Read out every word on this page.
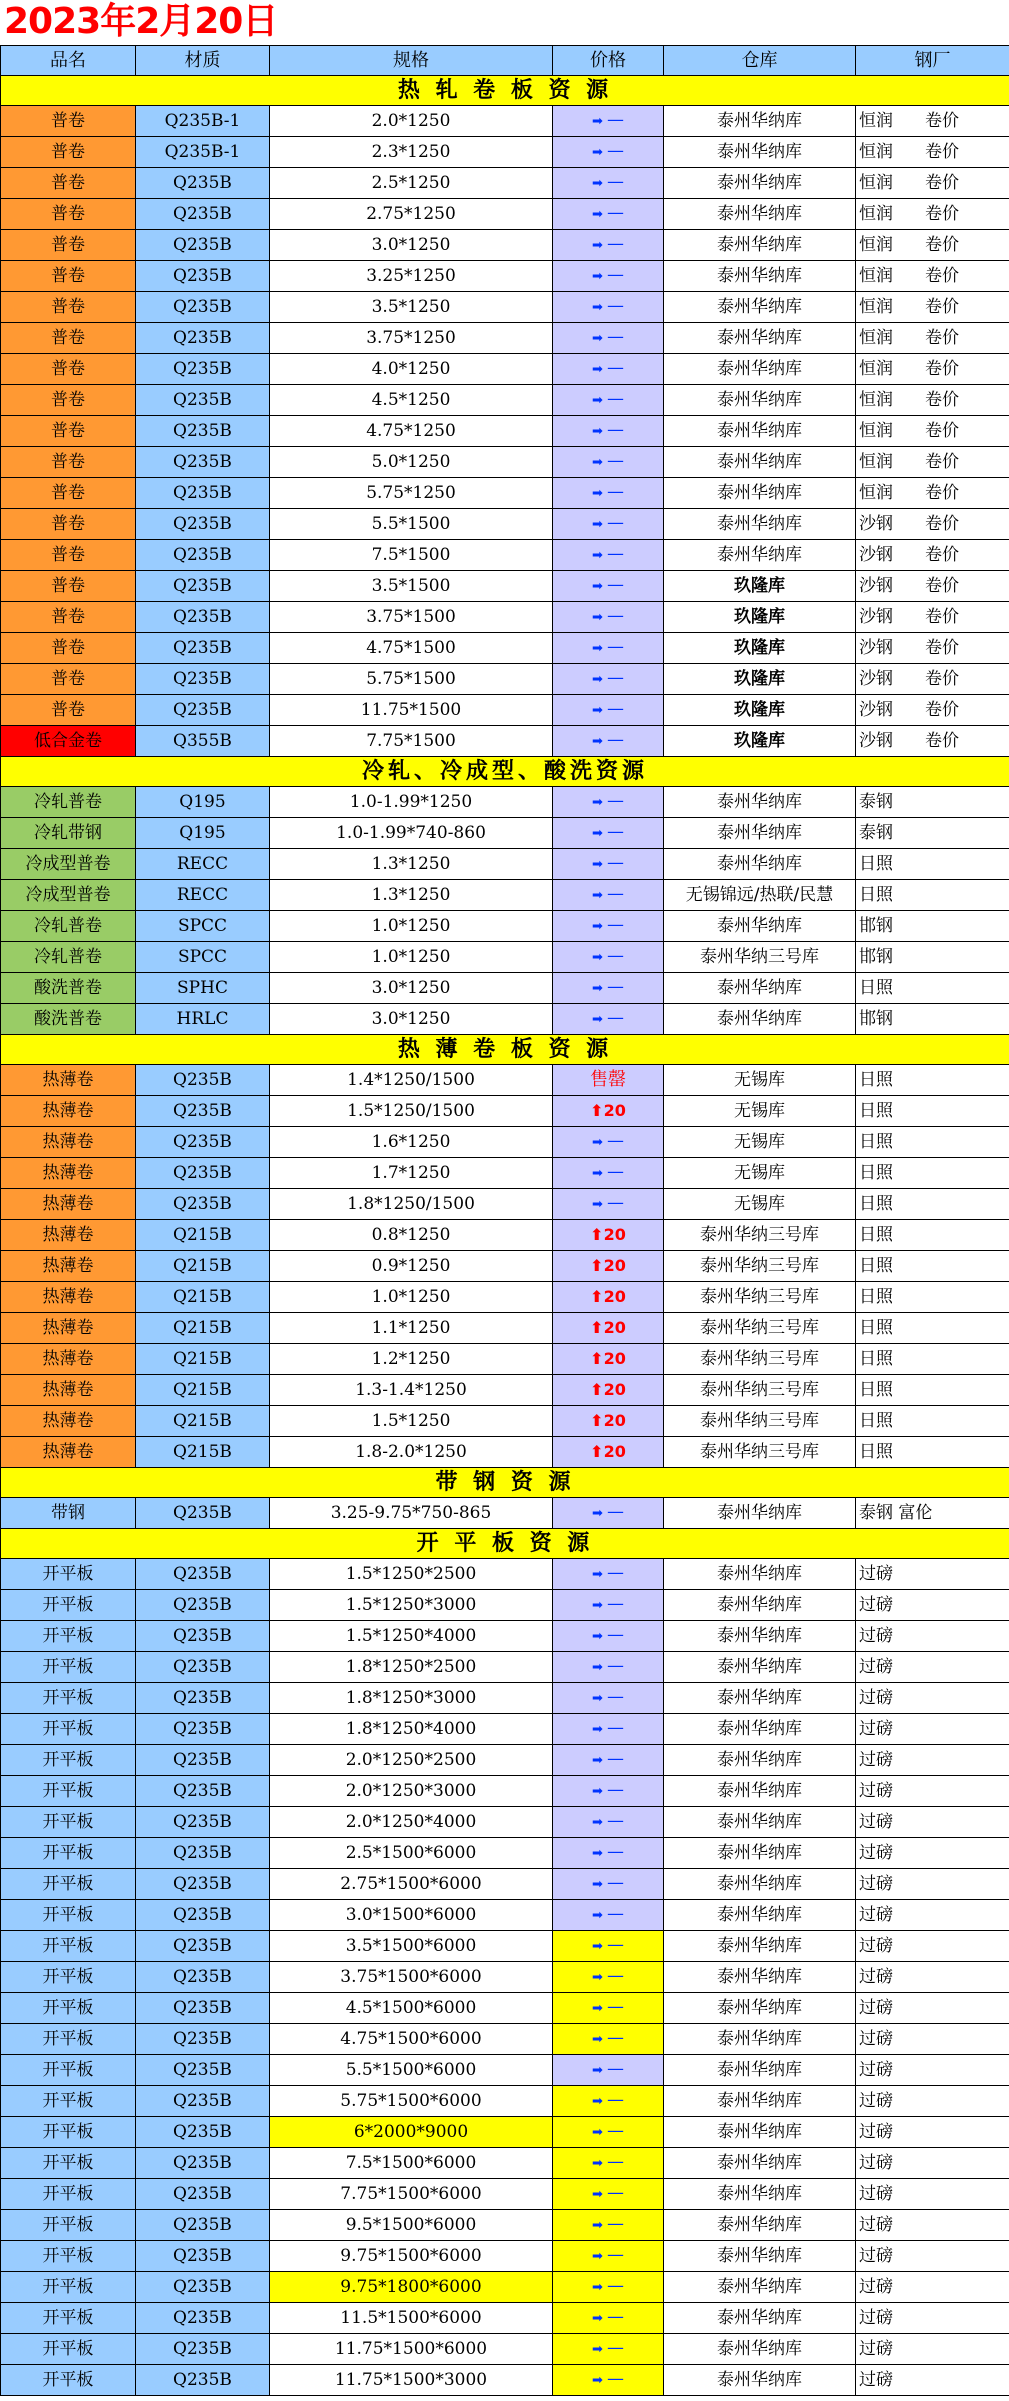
2023年2月20日
品名	材质	规格	价格	仓库	钢厂
热 轧 卷 板 资 源					
普卷	Q235B-1	2.0*1250	➡ —	泰州华纳库	恒润 卷价
普卷	Q235B-1	2.3*1250	➡ —	泰州华纳库	恒润 卷价
普卷	Q235B	2.5*1250	➡ —	泰州华纳库	恒润 卷价
普卷	Q235B	2.75*1250	➡ —	泰州华纳库	恒润 卷价
普卷	Q235B	3.0*1250	➡ —	泰州华纳库	恒润 卷价
普卷	Q235B	3.25*1250	➡ —	泰州华纳库	恒润 卷价
普卷	Q235B	3.5*1250	➡ —	泰州华纳库	恒润 卷价
普卷	Q235B	3.75*1250	➡ —	泰州华纳库	恒润 卷价
普卷	Q235B	4.0*1250	➡ —	泰州华纳库	恒润 卷价
普卷	Q235B	4.5*1250	➡ —	泰州华纳库	恒润 卷价
普卷	Q235B	4.75*1250	➡ —	泰州华纳库	恒润 卷价
普卷	Q235B	5.0*1250	➡ —	泰州华纳库	恒润 卷价
普卷	Q235B	5.75*1250	➡ —	泰州华纳库	恒润 卷价
普卷	Q235B	5.5*1500	➡ —	泰州华纳库	沙钢 卷价
普卷	Q235B	7.5*1500	➡ —	泰州华纳库	沙钢 卷价
普卷	Q235B	3.5*1500	➡ —	玖隆库	沙钢 卷价
普卷	Q235B	3.75*1500	➡ —	玖隆库	沙钢 卷价
普卷	Q235B	4.75*1500	➡ —	玖隆库	沙钢 卷价
普卷	Q235B	5.75*1500	➡ —	玖隆库	沙钢 卷价
普卷	Q235B	11.75*1500	➡ —	玖隆库	沙钢 卷价
低合金卷	Q355B	7.75*1500	➡ —	玖隆库	沙钢 卷价
冷轧、冷成型、酸洗资源					
冷轧普卷	Q195	1.0-1.99*1250	➡ —	泰州华纳库	泰钢
冷轧带钢	Q195	1.0-1.99*740-860	➡ —	泰州华纳库	泰钢
冷成型普卷	RECC	1.3*1250	➡ —	泰州华纳库	日照
冷成型普卷	RECC	1.3*1250	➡ —	无锡锦远/热联/民慧	日照
冷轧普卷	SPCC	1.0*1250	➡ —	泰州华纳库	邯钢
冷轧普卷	SPCC	1.0*1250	➡ —	泰州华纳三号库	邯钢
酸洗普卷	SPHC	3.0*1250	➡ —	泰州华纳库	日照
酸洗普卷	HRLC	3.0*1250	➡ —	泰州华纳库	邯钢
热 薄 卷 板 资 源					
热薄卷	Q235B	1.4*1250/1500	售罄	无锡库	日照
热薄卷	Q235B	1.5*1250/1500	⬆20	无锡库	日照
热薄卷	Q235B	1.6*1250	➡ —	无锡库	日照
热薄卷	Q235B	1.7*1250	➡ —	无锡库	日照
热薄卷	Q235B	1.8*1250/1500	➡ —	无锡库	日照
热薄卷	Q215B	0.8*1250	⬆20	泰州华纳三号库	日照
热薄卷	Q215B	0.9*1250	⬆20	泰州华纳三号库	日照
热薄卷	Q215B	1.0*1250	⬆20	泰州华纳三号库	日照
热薄卷	Q215B	1.1*1250	⬆20	泰州华纳三号库	日照
热薄卷	Q215B	1.2*1250	⬆20	泰州华纳三号库	日照
热薄卷	Q215B	1.3-1.4*1250	⬆20	泰州华纳三号库	日照
热薄卷	Q215B	1.5*1250	⬆20	泰州华纳三号库	日照
热薄卷	Q215B	1.8-2.0*1250	⬆20	泰州华纳三号库	日照
带 钢 资 源					
带钢	Q235B	3.25-9.75*750-865	➡ —	泰州华纳库	泰钢 富伦
开 平 板 资 源					
开平板	Q235B	1.5*1250*2500	➡ —	泰州华纳库	过磅
开平板	Q235B	1.5*1250*3000	➡ —	泰州华纳库	过磅
开平板	Q235B	1.5*1250*4000	➡ —	泰州华纳库	过磅
开平板	Q235B	1.8*1250*2500	➡ —	泰州华纳库	过磅
开平板	Q235B	1.8*1250*3000	➡ —	泰州华纳库	过磅
开平板	Q235B	1.8*1250*4000	➡ —	泰州华纳库	过磅
开平板	Q235B	2.0*1250*2500	➡ —	泰州华纳库	过磅
开平板	Q235B	2.0*1250*3000	➡ —	泰州华纳库	过磅
开平板	Q235B	2.0*1250*4000	➡ —	泰州华纳库	过磅
开平板	Q235B	2.5*1500*6000	➡ —	泰州华纳库	过磅
开平板	Q235B	2.75*1500*6000	➡ —	泰州华纳库	过磅
开平板	Q235B	3.0*1500*6000	➡ —	泰州华纳库	过磅
开平板	Q235B	3.5*1500*6000	➡ —	泰州华纳库	过磅
开平板	Q235B	3.75*1500*6000	➡ —	泰州华纳库	过磅
开平板	Q235B	4.5*1500*6000	➡ —	泰州华纳库	过磅
开平板	Q235B	4.75*1500*6000	➡ —	泰州华纳库	过磅
开平板	Q235B	5.5*1500*6000	➡ —	泰州华纳库	过磅
开平板	Q235B	5.75*1500*6000	➡ —	泰州华纳库	过磅
开平板	Q235B	6*2000*9000	➡ —	泰州华纳库	过磅
开平板	Q235B	7.5*1500*6000	➡ —	泰州华纳库	过磅
开平板	Q235B	7.75*1500*6000	➡ —	泰州华纳库	过磅
开平板	Q235B	9.5*1500*6000	➡ —	泰州华纳库	过磅
开平板	Q235B	9.75*1500*6000	➡ —	泰州华纳库	过磅
开平板	Q235B	9.75*1800*6000	➡ —	泰州华纳库	过磅
开平板	Q235B	11.5*1500*6000	➡ —	泰州华纳库	过磅
开平板	Q235B	11.75*1500*6000	➡ —	泰州华纳库	过磅
开平板	Q235B	11.75*1500*3000	➡ —	泰州华纳库	过磅
